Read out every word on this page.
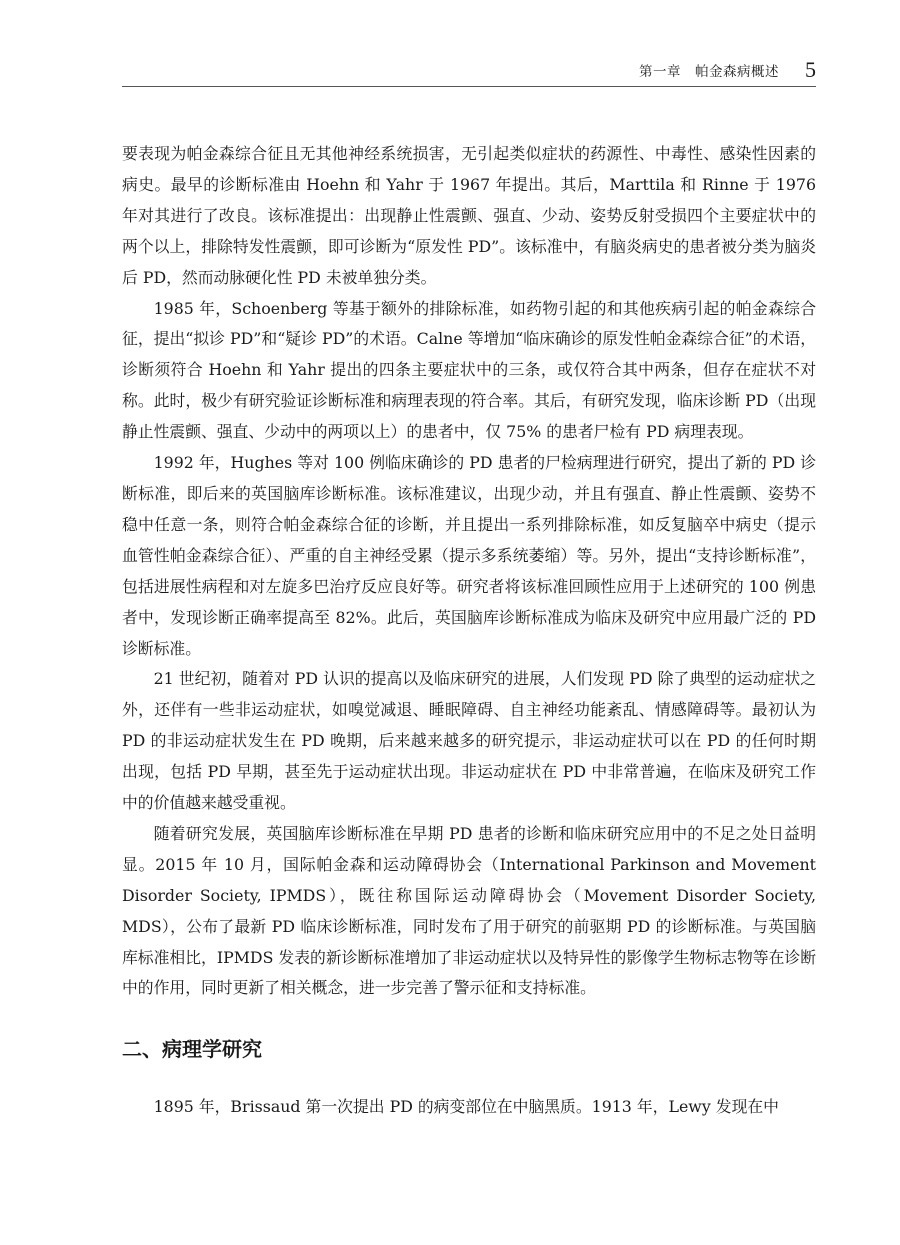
第一章　帕金森病概述 5

要表现为帕金森综合征且无其他神经系统损害，无引起类似症状的药源性、中毒性、感染性因素的病史。最早的诊断标准由 Hoehn 和 Yahr 于 1967 年提出。其后，Marttila 和 Rinne 于 1976 年对其进行了改良。该标准提出：出现静止性震颤、强直、少动、姿势反射受损四个主要症状中的两个以上，排除特发性震颤，即可诊断为“原发性 PD”。该标准中，有脑炎病史的患者被分类为脑炎后 PD，然而动脉硬化性 PD 未被单独分类。

1985 年，Schoenberg 等基于额外的排除标准，如药物引起的和其他疾病引起的帕金森综合征，提出“拟诊 PD”和“疑诊 PD”的术语。Calne 等增加“临床确诊的原发性帕金森综合征”的术语，诊断须符合 Hoehn 和 Yahr 提出的四条主要症状中的三条，或仅符合其中两条，但存在症状不对称。此时，极少有研究验证诊断标准和病理表现的符合率。其后，有研究发现，临床诊断 PD（出现静止性震颤、强直、少动中的两项以上）的患者中，仅 75% 的患者尸检有 PD 病理表现。

1992 年，Hughes 等对 100 例临床确诊的 PD 患者的尸检病理进行研究，提出了新的 PD 诊断标准，即后来的英国脑库诊断标准。该标准建议，出现少动，并且有强直、静止性震颤、姿势不稳中任意一条，则符合帕金森综合征的诊断，并且提出一系列排除标准，如反复脑卒中病史（提示血管性帕金森综合征）、严重的自主神经受累（提示多系统萎缩）等。另外，提出“支持诊断标准”，包括进展性病程和对左旋多巴治疗反应良好等。研究者将该标准回顾性应用于上述研究的 100 例患者中，发现诊断正确率提高至 82%。此后，英国脑库诊断标准成为临床及研究中应用最广泛的 PD 诊断标准。

21 世纪初，随着对 PD 认识的提高以及临床研究的进展，人们发现 PD 除了典型的运动症状之外，还伴有一些非运动症状，如嗅觉减退、睡眠障碍、自主神经功能紊乱、情感障碍等。最初认为 PD 的非运动症状发生在 PD 晚期，后来越来越多的研究提示，非运动症状可以在 PD 的任何时期出现，包括 PD 早期，甚至先于运动症状出现。非运动症状在 PD 中非常普遍，在临床及研究工作中的价值越来越受重视。

随着研究发展，英国脑库诊断标准在早期 PD 患者的诊断和临床研究应用中的不足之处日益明显。2015 年 10 月，国际帕金森和运动障碍协会（International Parkinson and Movement Disorder Society, IPMDS），既往称国际运动障碍协会（Movement Disorder Society, MDS），公布了最新 PD 临床诊断标准，同时发布了用于研究的前驱期 PD 的诊断标准。与英国脑库标准相比，IPMDS 发表的新诊断标准增加了非运动症状以及特异性的影像学生物标志物等在诊断中的作用，同时更新了相关概念，进一步完善了警示征和支持标准。

二、病理学研究

1895 年，Brissaud 第一次提出 PD 的病变部位在中脑黑质。1913 年，Lewy 发现在中
